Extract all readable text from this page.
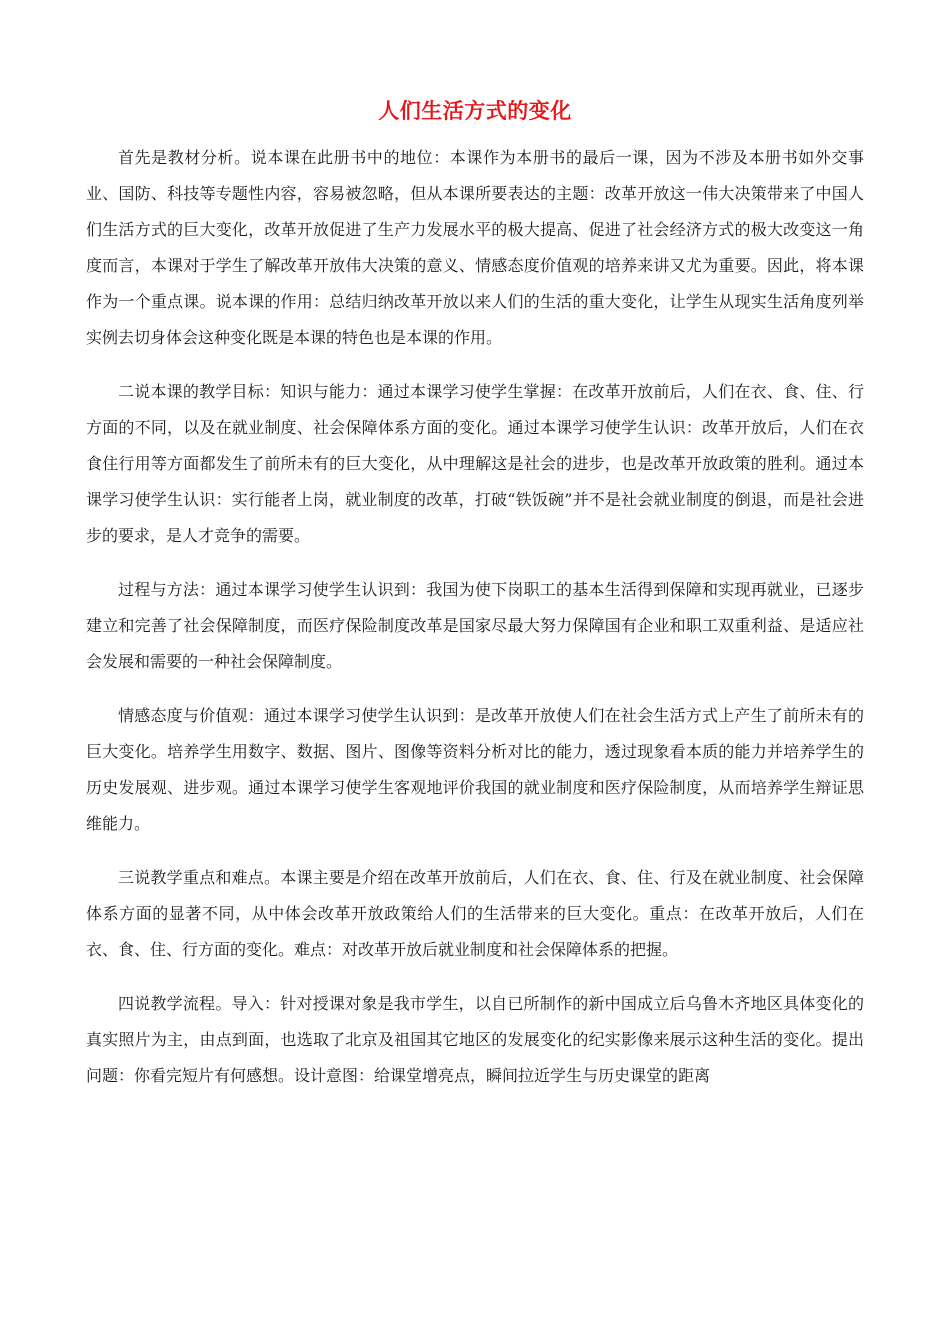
人们生活方式的变化

首先是教材分析。说本课在此册书中的地位：本课作为本册书的最后一课，因为不涉及本册书如外交事业、国防、科技等专题性内容，容易被忽略，但从本课所要表达的主题：改革开放这一伟大决策带来了中国人们生活方式的巨大变化，改革开放促进了生产力发展水平的极大提高、促进了社会经济方式的极大改变这一角度而言，本课对于学生了解改革开放伟大决策的意义、情感态度价值观的培养来讲又尤为重要。因此，将本课作为一个重点课。说本课的作用：总结归纳改革开放以来人们的生活的重大变化，让学生从现实生活角度列举实例去切身体会这种变化既是本课的特色也是本课的作用。

二说本课的教学目标：知识与能力：通过本课学习使学生掌握：在改革开放前后，人们在衣、食、住、行方面的不同，以及在就业制度、社会保障体系方面的变化。通过本课学习使学生认识：改革开放后，人们在衣食住行用等方面都发生了前所未有的巨大变化，从中理解这是社会的进步，也是改革开放政策的胜利。通过本课学习使学生认识：实行能者上岗，就业制度的改革，打破“铁饭碗”并不是社会就业制度的倒退，而是社会进步的要求，是人才竞争的需要。

过程与方法：通过本课学习使学生认识到：我国为使下岗职工的基本生活得到保障和实现再就业，已逐步建立和完善了社会保障制度，而医疗保险制度改革是国家尽最大努力保障国有企业和职工双重利益、是适应社会发展和需要的一种社会保障制度。

情感态度与价值观：通过本课学习使学生认识到：是改革开放使人们在社会生活方式上产生了前所未有的巨大变化。培养学生用数字、数据、图片、图像等资料分析对比的能力，透过现象看本质的能力并培养学生的历史发展观、进步观。通过本课学习使学生客观地评价我国的就业制度和医疗保险制度，从而培养学生辩证思维能力。

三说教学重点和难点。本课主要是介绍在改革开放前后，人们在衣、食、住、行及在就业制度、社会保障体系方面的显著不同，从中体会改革开放政策给人们的生活带来的巨大变化。重点：在改革开放后，人们在衣、食、住、行方面的变化。难点：对改革开放后就业制度和社会保障体系的把握。

四说教学流程。导入：针对授课对象是我市学生，以自已所制作的新中国成立后乌鲁木齐地区具体变化的真实照片为主，由点到面，也选取了北京及祖国其它地区的发展变化的纪实影像来展示这种生活的变化。提出问题：你看完短片有何感想。设计意图：给课堂增亮点，瞬间拉近学生与历史课堂的距离
